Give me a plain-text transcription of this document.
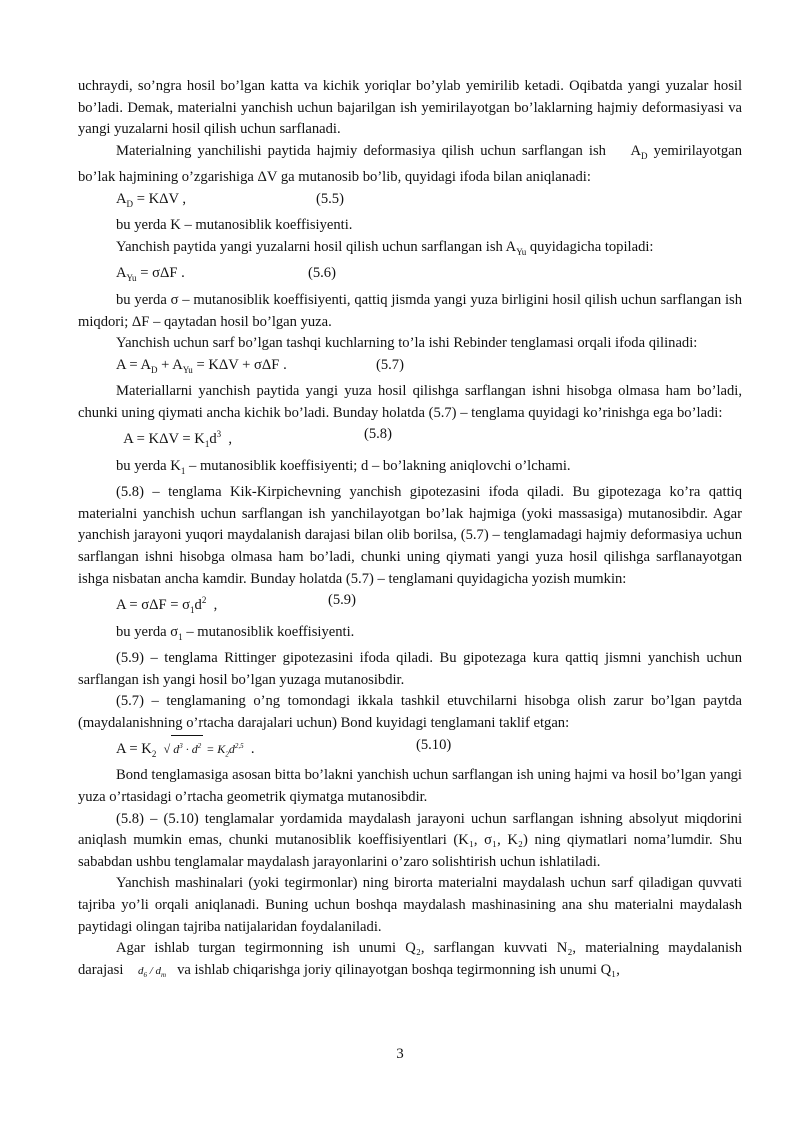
uchraydi, so’ngra hosil bo’lgan katta va kichik yoriqlar bo’ylab yemirilib ketadi. Oqibatda yangi yuzalar hosil bo’ladi. Demak, materialni yanchish uchun bajarilgan ish yemirilayotgan bo’laklarning hajmiy deformasiyasi va yangi yuzalarni hosil qilish uchun sarflanadi.

Materialning yanchilishi paytida hajmiy deformasiya qilish uchun sarflangan ish    $A_D$ yemirilayotgan bo’lak hajmining o’zgarishiga ΔV ga mutanosib bo’lib, quyidagi ifoda bilan aniqlanadi:

$A_D = K\Delta V$ ,	(5.5)

bu yerda K – mutanosiblik koeffisiyenti.

Yanchish paytida yangi yuzalarni hosil qilish uchun sarflangan ish $A_{Yu}$ quyidagicha topiladi:

$A_{Yu} = \sigma\Delta F$ .	(5.6)

bu yerda σ – mutanosiblik koeffisiyenti, qattiq jismda yangi yuza birligini hosil qilish uchun sarflangan ish miqdori; ΔF – qaytadan hosil bo’lgan yuza.

Yanchish uchun sarf bo’lgan tashqi kuchlarning to’la ishi Rebinder tenglamasi orqali ifoda qilinadi:

$A = A_D + A_{Yu} = K\Delta V + \sigma\Delta F$ .	(5.7)

Materiallarni yanchish paytida yangi yuza hosil qilishga sarflangan ishni hisobga olmasa ham bo’ladi, chunki uning qiymati ancha kichik bo’ladi. Bunday holatda (5.7) – tenglama quyidagi ko’rinishga ega bo’ladi:

$A = K\Delta V = K_1d^3$  ,	(5.8)

bu yerda $K_1$ – mutanosiblik koeffisiyenti; d – bo’lakning aniqlovchi o’lchami.

(5.8) – tenglama Kik-Kirpichevning yanchish gipotezasini ifoda qiladi. Bu gipotezaga ko’ra qattiq materialni yanchish uchun sarflangan ish yanchilayotgan bo’lak hajmiga (yoki massasiga) mutanosibdir. Agar yanchish jarayoni yuqori maydalanish darajasi bilan olib borilsa, (5.7) – tenglamadagi hajmiy deformasiya uchun sarflangan ishni hisobga olmasa ham bo’ladi, chunki uning qiymati yangi yuza hosil qilishga sarflanayotgan ishga nisbatan ancha kamdir. Bunday holatda (5.7) – tenglamani quyidagicha yozish mumkin:

$A = \sigma\Delta F = \sigma_1d^2$  ,	(5.9)

bu yerda $\sigma_1$ – mutanosiblik koeffisiyenti.

(5.9) – tenglama Rittinger gipotezasini ifoda qiladi. Bu gipotezaga kura qattiq jismni yanchish uchun sarflangan ish yangi hosil bo’lgan yuzaga mutanosibdir.

(5.7) – tenglamaning o’ng tomondagi ikkala tashkil etuvchilarni hisobga olish zarur bo’lgan paytda (maydalanishning o’rtacha darajalari uchun) Bond kuyidagi tenglamani taklif etgan:

$A = K_2$ √ $d^3 \cdot d^2 = K_2d^{2,5}$  .	(5.10)

Bond tenglamasiga asosan bitta bo’lakni yanchish uchun sarflangan ish uning hajmi va hosil bo’lgan yangi yuza o’rtasidagi o’rtacha geometrik qiymatga mutanosibdir.

(5.8) – (5.10) tenglamalar yordamida maydalash jarayoni uchun sarflangan ishning absolyut miqdorini aniqlash mumkin emas, chunki mutanosiblik koeffisiyentlari (K₁, σ₁, K₂) ning qiymatlari noma’lumdir. Shu sababdan ushbu tenglamalar maydalash jarayonlarini o’zaro solishtirish uchun ishlatiladi.

Yanchish mashinalari (yoki tegirmonlar) ning birorta materialni maydalash uchun sarf qiladigan quvvati tajriba yo’li orqali aniqlanadi. Buning uchun boshqa maydalash mashinasining ana shu materialni maydalash paytidagi olingan tajriba natijalaridan foydalaniladi.

Agar ishlab turgan tegirmonning ish unumi Q₂, sarflangan kuvvati N₂, materialning maydalanish darajasi $d_6 / d_m$ va ishlab chiqarishga joriy qilinayotgan boshqa tegirmonning ish unumi Q₁,

3
